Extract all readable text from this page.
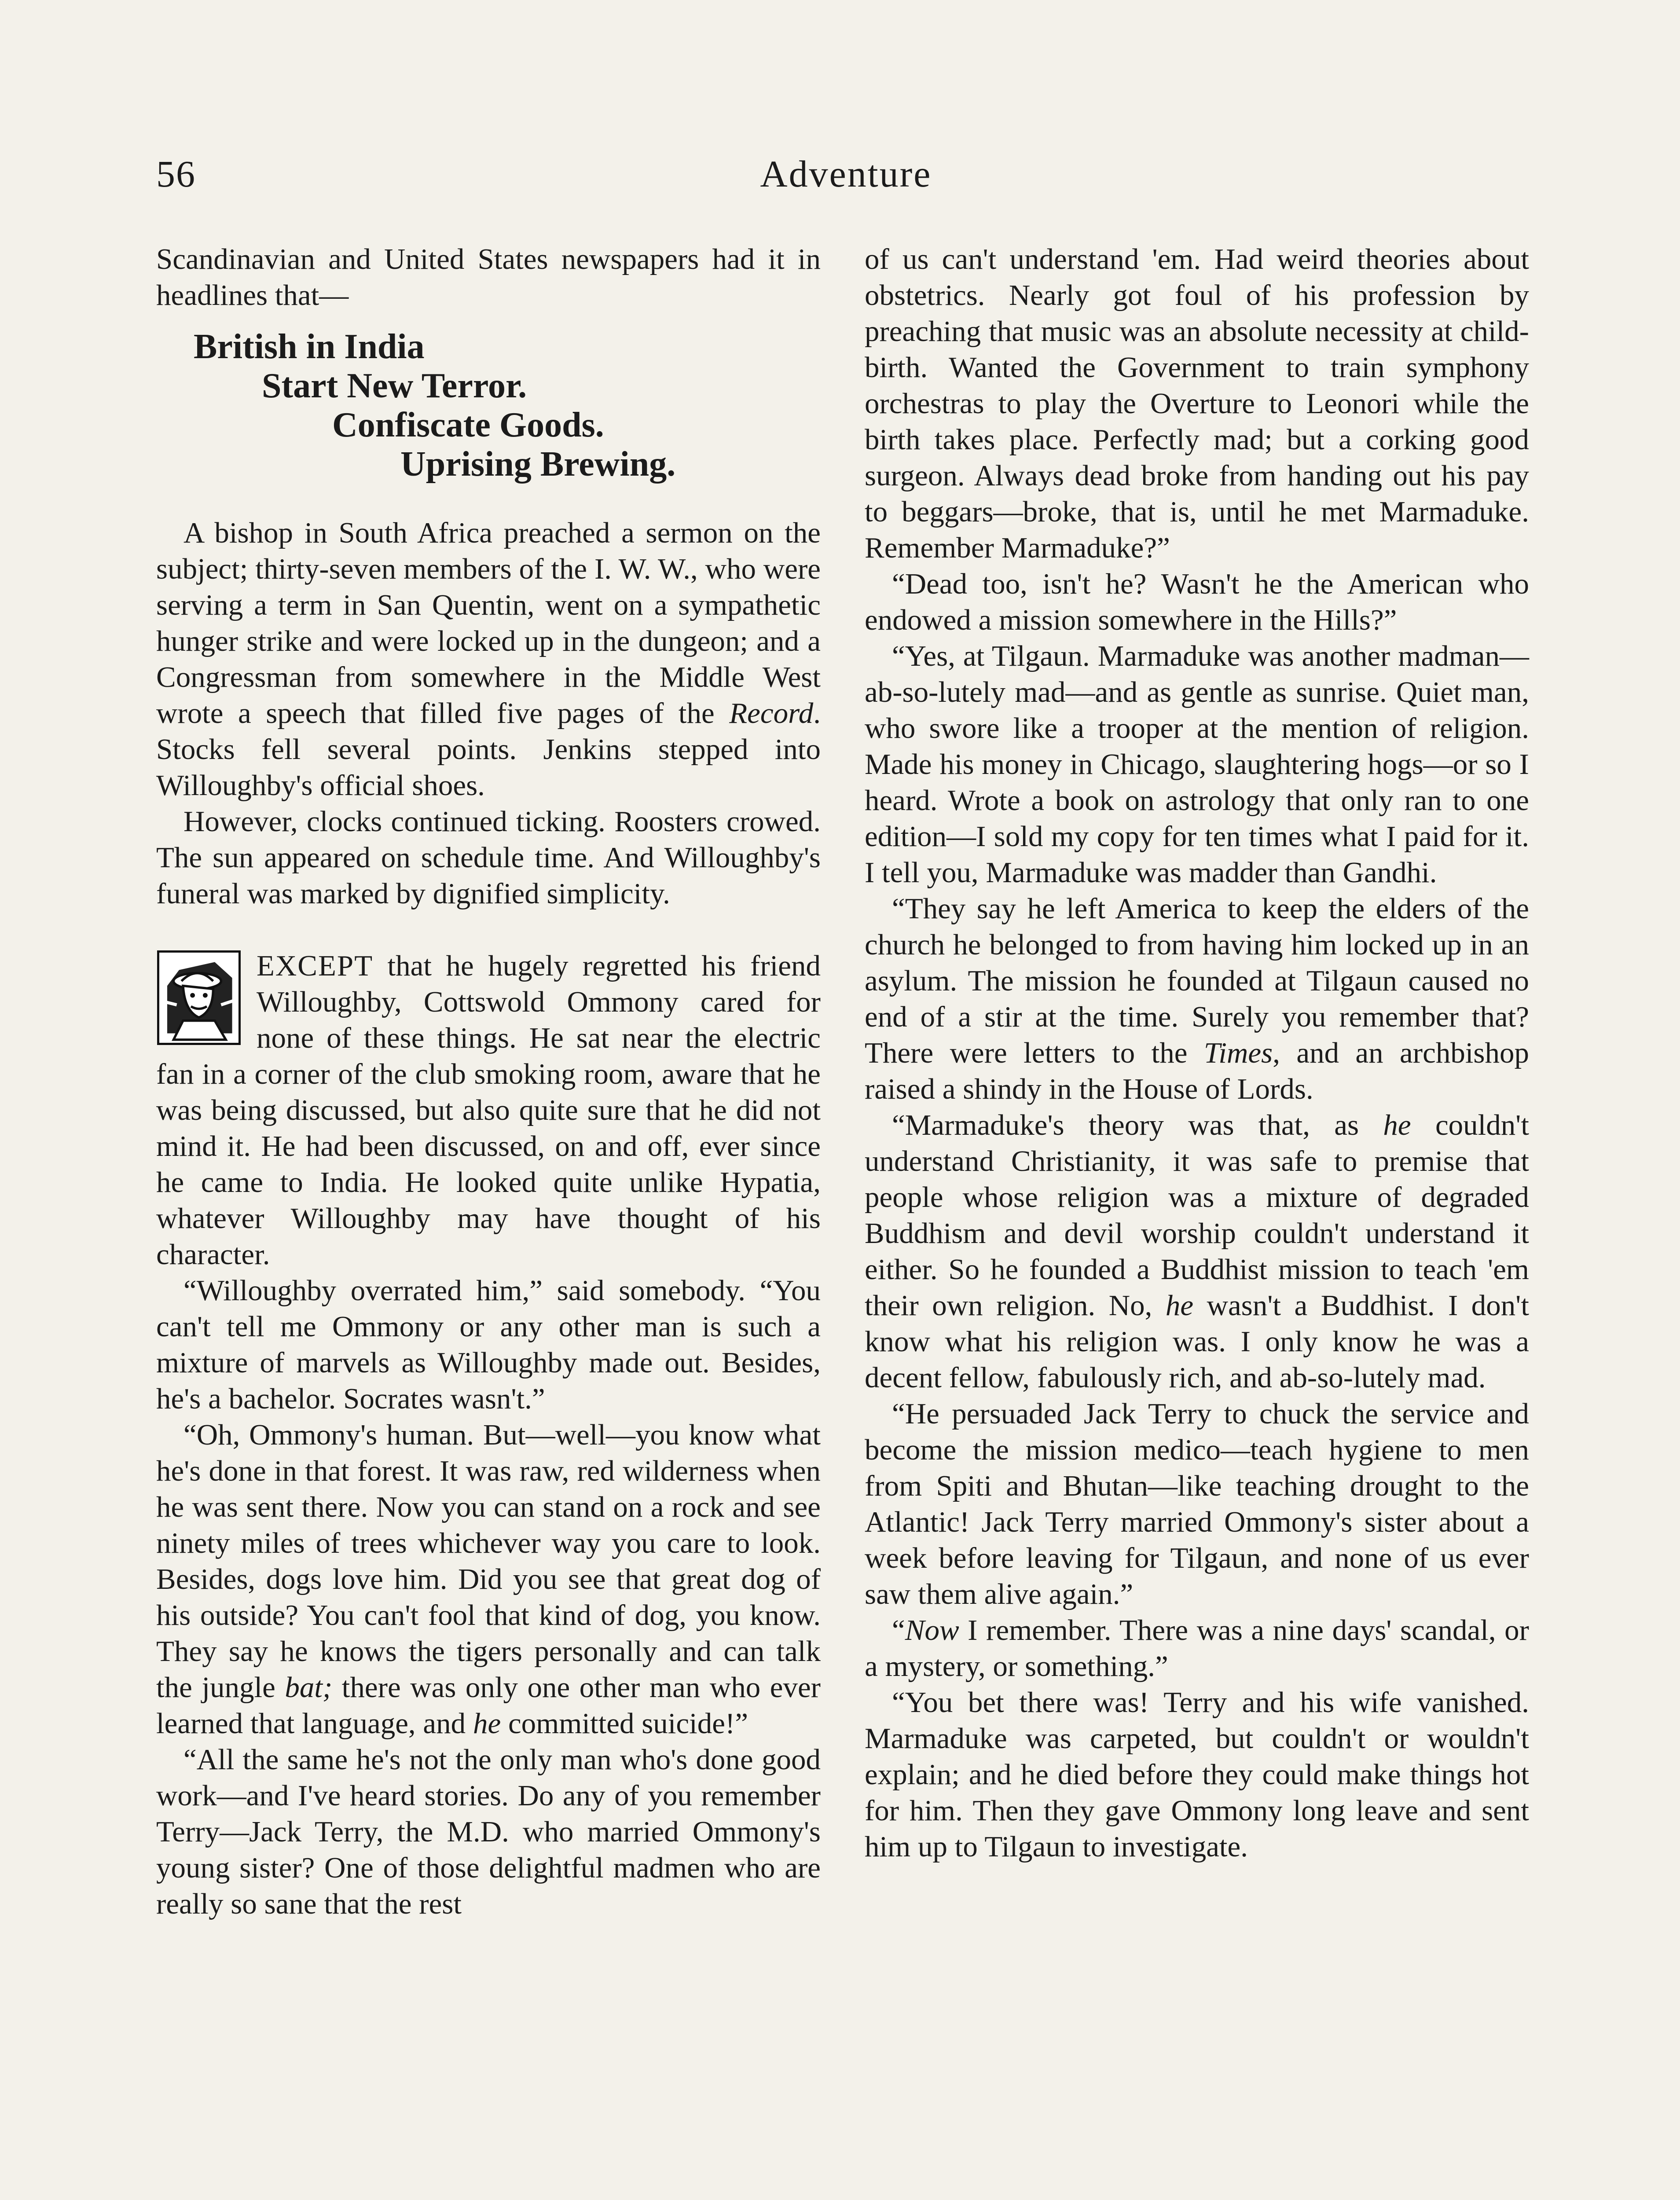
56	Adventure

Scandinavian and United States newspapers had it in headlines that—

British in India
Start New Terror.
Confiscate Goods.
Uprising Brewing.

A bishop in South Africa preached a sermon on the subject; thirty-seven members of the I. W. W., who were serving a term in San Quentin, went on a sympathetic hunger strike and were locked up in the dungeon; and a Congressman from somewhere in the Middle West wrote a speech that filled five pages of the Record. Stocks fell several points. Jenkins stepped into Willoughby's official shoes.

However, clocks continued ticking. Roosters crowed. The sun appeared on schedule time. And Willoughby's funeral was marked by dignified simplicity.

EXCEPT that he hugely regretted his friend Willoughby, Cottswold Ommony cared for none of these things. He sat near the electric fan in a corner of the club smoking room, aware that he was being discussed, but also quite sure that he did not mind it. He had been discussed, on and off, ever since he came to India. He looked quite unlike Hypatia, whatever Willoughby may have thought of his character.

“Willoughby overrated him,” said somebody. “You can't tell me Ommony or any other man is such a mixture of marvels as Willoughby made out. Besides, he's a bachelor. Socrates wasn't.”

“Oh, Ommony's human. But—well—you know what he's done in that forest. It was raw, red wilderness when he was sent there. Now you can stand on a rock and see ninety miles of trees whichever way you care to look. Besides, dogs love him. Did you see that great dog of his outside? You can't fool that kind of dog, you know. They say he knows the tigers personally and can talk the jungle bat; there was only one other man who ever learned that language, and he committed suicide!”

“All the same he's not the only man who's done good work—and I've heard stories. Do any of you remember Terry—Jack Terry, the M.D. who married Ommony's young sister? One of those delightful madmen who are really so sane that the rest

of us can't understand 'em. Had weird theories about obstetrics. Nearly got foul of his profession by preaching that music was an absolute necessity at child-birth. Wanted the Government to train symphony orchestras to play the Overture to Leonori while the birth takes place. Perfectly mad; but a corking good surgeon. Always dead broke from handing out his pay to beggars—broke, that is, until he met Marmaduke. Remember Marmaduke?”

“Dead too, isn't he? Wasn't he the American who endowed a mission somewhere in the Hills?”

“Yes, at Tilgaun. Marmaduke was another madman—ab-so-lutely mad—and as gentle as sunrise. Quiet man, who swore like a trooper at the mention of religion. Made his money in Chicago, slaughtering hogs—or so I heard. Wrote a book on astrology that only ran to one edition—I sold my copy for ten times what I paid for it. I tell you, Marmaduke was madder than Gandhi.

“They say he left America to keep the elders of the church he belonged to from having him locked up in an asylum. The mission he founded at Tilgaun caused no end of a stir at the time. Surely you remember that? There were letters to the Times, and an archbishop raised a shindy in the House of Lords.

“Marmaduke's theory was that, as he couldn't understand Christianity, it was safe to premise that people whose religion was a mixture of degraded Buddhism and devil worship couldn't understand it either. So he founded a Buddhist mission to teach 'em their own religion. No, he wasn't a Buddhist. I don't know what his religion was. I only know he was a decent fellow, fabulously rich, and ab-so-lutely mad.

“He persuaded Jack Terry to chuck the service and become the mission medico—teach hygiene to men from Spiti and Bhutan—like teaching drought to the Atlantic! Jack Terry married Ommony's sister about a week before leaving for Tilgaun, and none of us ever saw them alive again.”

“Now I remember. There was a nine days' scandal, or a mystery, or something.”

“You bet there was! Terry and his wife vanished. Marmaduke was carpeted, but couldn't or wouldn't explain; and he died before they could make things hot for him. Then they gave Ommony long leave and sent him up to Tilgaun to investigate.
